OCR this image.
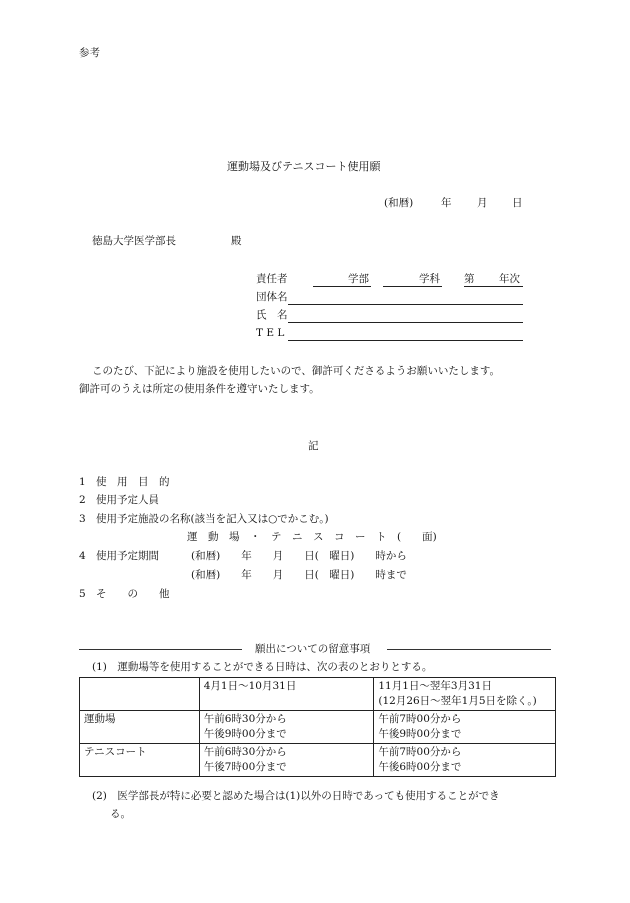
参考
運動場及びテニスコート使用願
(和暦)	年 月 日
徳島大学医学部長	殿
責任者	学部	学科 第 年次
団体名
氏　名
T E L
このたび、下記により施設を使用したいので、御許可くださるようお願いいたします。
御許可のうえは所定の使用条件を遵守いたします。
記
1 使　用　目　的
2 使用予定人員
3 使用予定施設の名称(該当を記入又は○でかこむ。)
運　動　場　・　テ　ニ　ス　コ　ー　ト　(　　面)
4 使用予定期間	(和暦)　　年　　月　　日(　曜日)　　時から
(和暦)　　年　　月　　日(　曜日)　　時まで
5 そ　　の　　他
願出についての留意事項
(1)　運動場等を使用することができる日時は、次の表のとおりとする。
	4月1日～10月31日	11月1日～翌年3月31日
(12月26日～翌年1月5日を除く。)
運動場	午前6時30分から
午後9時00分まで	午前7時00分から
午後9時00分まで
テニスコート	午前6時30分から
午後7時00分まで	午前7時00分から
午後6時00分まで
(2)　医学部長が特に必要と認めた場合は(1)以外の日時であっても使用することができ
る。
